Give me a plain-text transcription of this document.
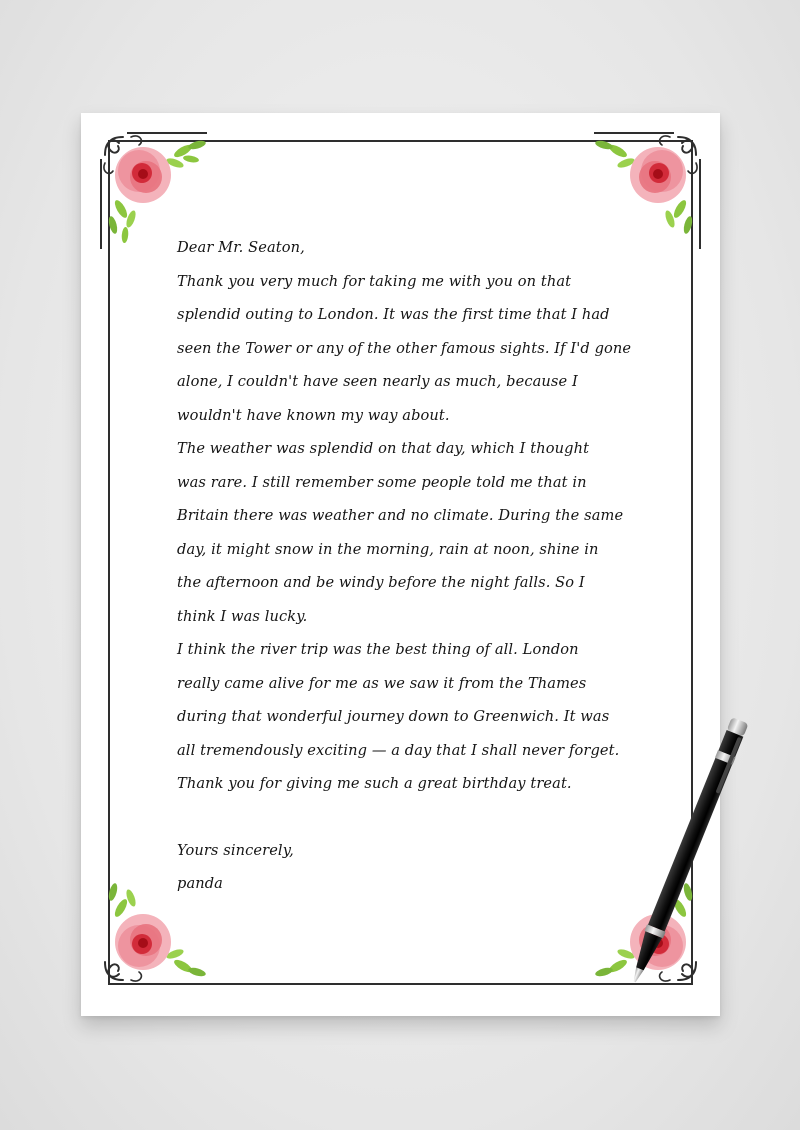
Dear Mr. Seaton,
Thank you very much for taking me with you on that
splendid outing to London. It was the first time that I had
seen the Tower or any of the other famous sights. If I'd gone
alone, I couldn't have seen nearly as much, because I
wouldn't have known my way about.
The weather was splendid on that day, which I thought
was rare. I still remember some people told me that in
Britain there was weather and no climate. During the same
day, it might snow in the morning, rain at noon, shine in
the afternoon and be windy before the night falls. So I
think I was lucky.
I think the river trip was the best thing of all. London
really came alive for me as we saw it from the Thames
during that wonderful journey down to Greenwich. It was
all tremendously exciting — a day that I shall never forget.
Thank you for giving me such a great birthday treat.
Yours sincerely,
panda
